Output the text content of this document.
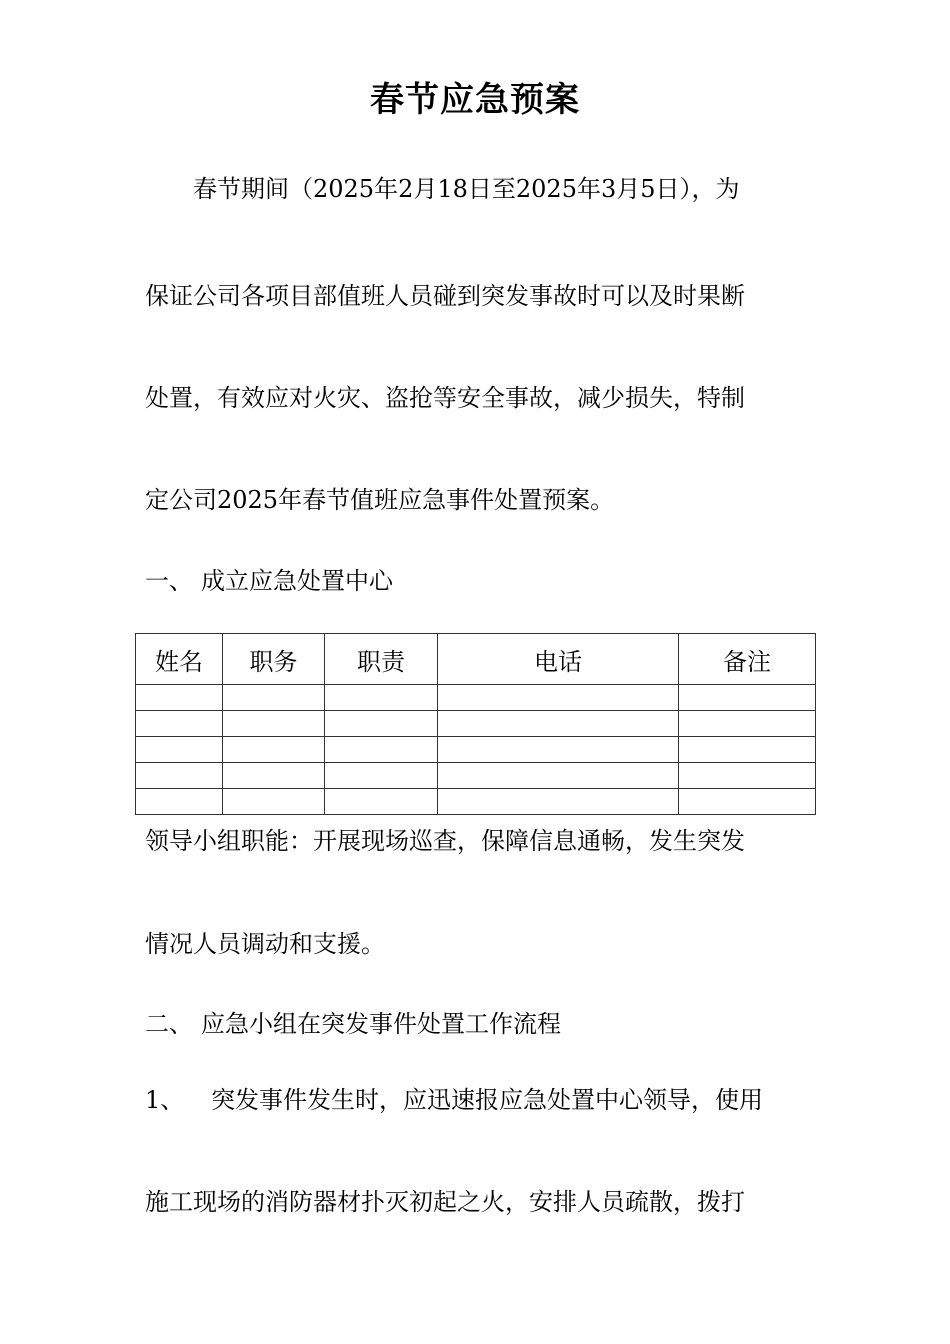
春节应急预案
春节期间（2025年2月18日至2025年3月5日），为
保证公司各项目部值班人员碰到突发事故时可以及时果断
处置，有效应对火灾、盗抢等安全事故，减少损失，特制
定公司2025年春节值班应急事件处置预案。
一、 成立应急处置中心
姓名	职务	职责	电话	备注

领导小组职能：开展现场巡查，保障信息通畅，发生突发
情况人员调动和支援。
二、 应急小组在突发事件处置工作流程
1、 突发事件发生时，应迅速报应急处置中心领导，使用
施工现场的消防器材扑灭初起之火，安排人员疏散，拨打
